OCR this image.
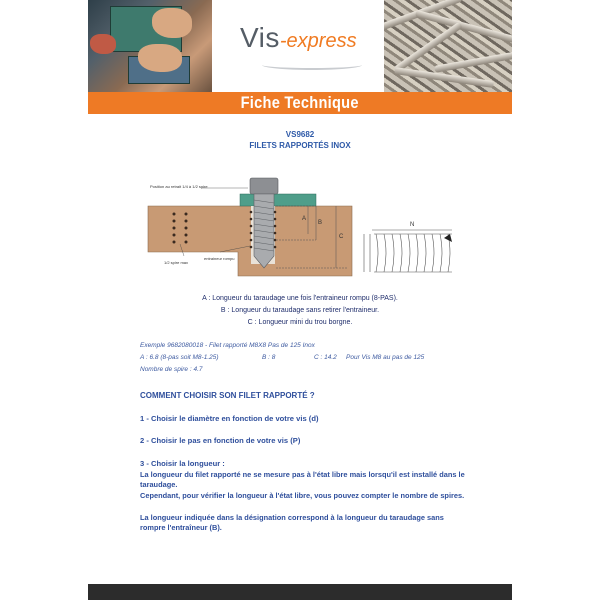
Vis-express
Fiche Technique
VS9682
FILETS RAPPORTÉS INOX
Position au retrait 1/4 à 1/2 spire
1/2 spire max
entraineur rompu
A
B
C
N
A : Longueur du taraudage une fois l'entraineur rompu (8-PAS).
B : Longueur du taraudage sans retirer l'entraineur.
C : Longueur mini du trou borgne.
Exemple 9682080018 - Filet rapporté M8X8 Pas de 125 Inox
A : 6.8 (8-pas soit M8-1.25)	B : 8	C : 14.2 Pour Vis M8 au pas de 125
Nombre de spire : 4.7
COMMENT CHOISIR SON FILET RAPPORTÉ ?
1 - Choisir le diamètre en fonction de votre vis (d)
2 - Choisir le pas en fonction de votre vis (P)
3 - Choisir la longueur :
La longueur du filet rapporté ne se mesure pas à l'état libre mais lorsqu'il est installé dans le taraudage.
Cependant, pour vérifier la longueur à l'état libre, vous pouvez compter le nombre de spires.
La longueur indiquée dans la désignation correspond à la longueur du taraudage sans rompre l'entraîneur (B).
